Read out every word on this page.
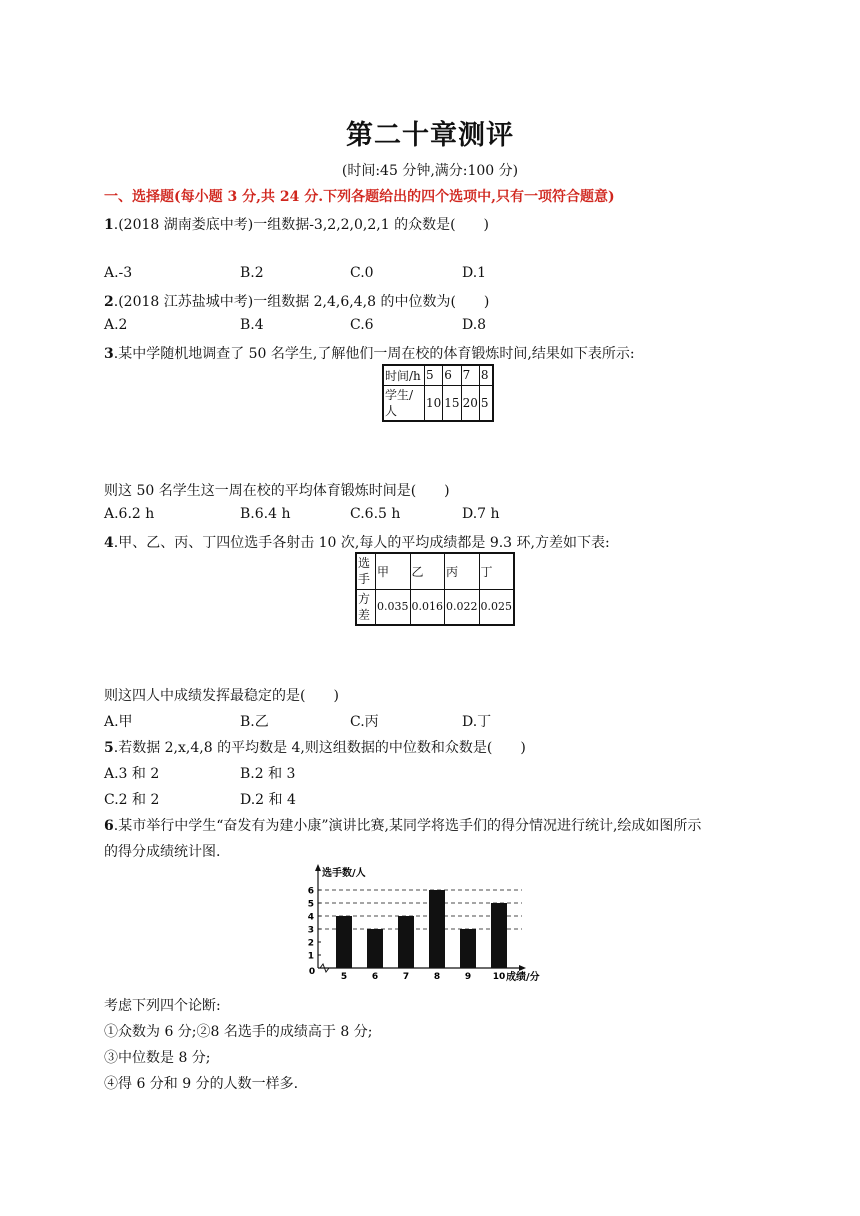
第二十章测评
(时间:45 分钟,满分:100 分)
一、选择题(每小题 3 分,共 24 分.下列各题给出的四个选项中,只有一项符合题意)
1.(2018 湖南娄底中考)一组数据-3,2,2,0,2,1 的众数是(　　)
A.-3	B.2	C.0	D.1
2.(2018 江苏盐城中考)一组数据 2,4,6,4,8 的中位数为(　　)
A.2	B.4	C.6	D.8
3.某中学随机地调查了 50 名学生,了解他们一周在校的体育锻炼时间,结果如下表所示:
时间/h	5	6	7	8
学生/人	10	15	20	5
则这 50 名学生这一周在校的平均体育锻炼时间是(　　)
A.6.2 h	B.6.4 h	C.6.5 h	D.7 h
4.甲、乙、丙、丁四位选手各射击 10 次,每人的平均成绩都是 9.3 环,方差如下表:
选手	甲	乙	丙	丁
方差	0.035	0.016	0.022	0.025
则这四人中成绩发挥最稳定的是(　　)
A.甲	B.乙	C.丙	D.丁
5.若数据 2,x,4,8 的平均数是 4,则这组数据的中位数和众数是(　　)
A.3 和 2	B.2 和 3
C.2 和 2	D.2 和 4
6.某市举行中学生“奋发有为建小康”演讲比赛,某同学将选手们的得分情况进行统计,绘成如图所示
的得分成绩统计图.
选手数/人
成绩/分
0
1
2
3
4
5
6
5	6	7	8	9 10
考虑下列四个论断:
①众数为 6 分;②8 名选手的成绩高于 8 分;
③中位数是 8 分;
④得 6 分和 9 分的人数一样多.
